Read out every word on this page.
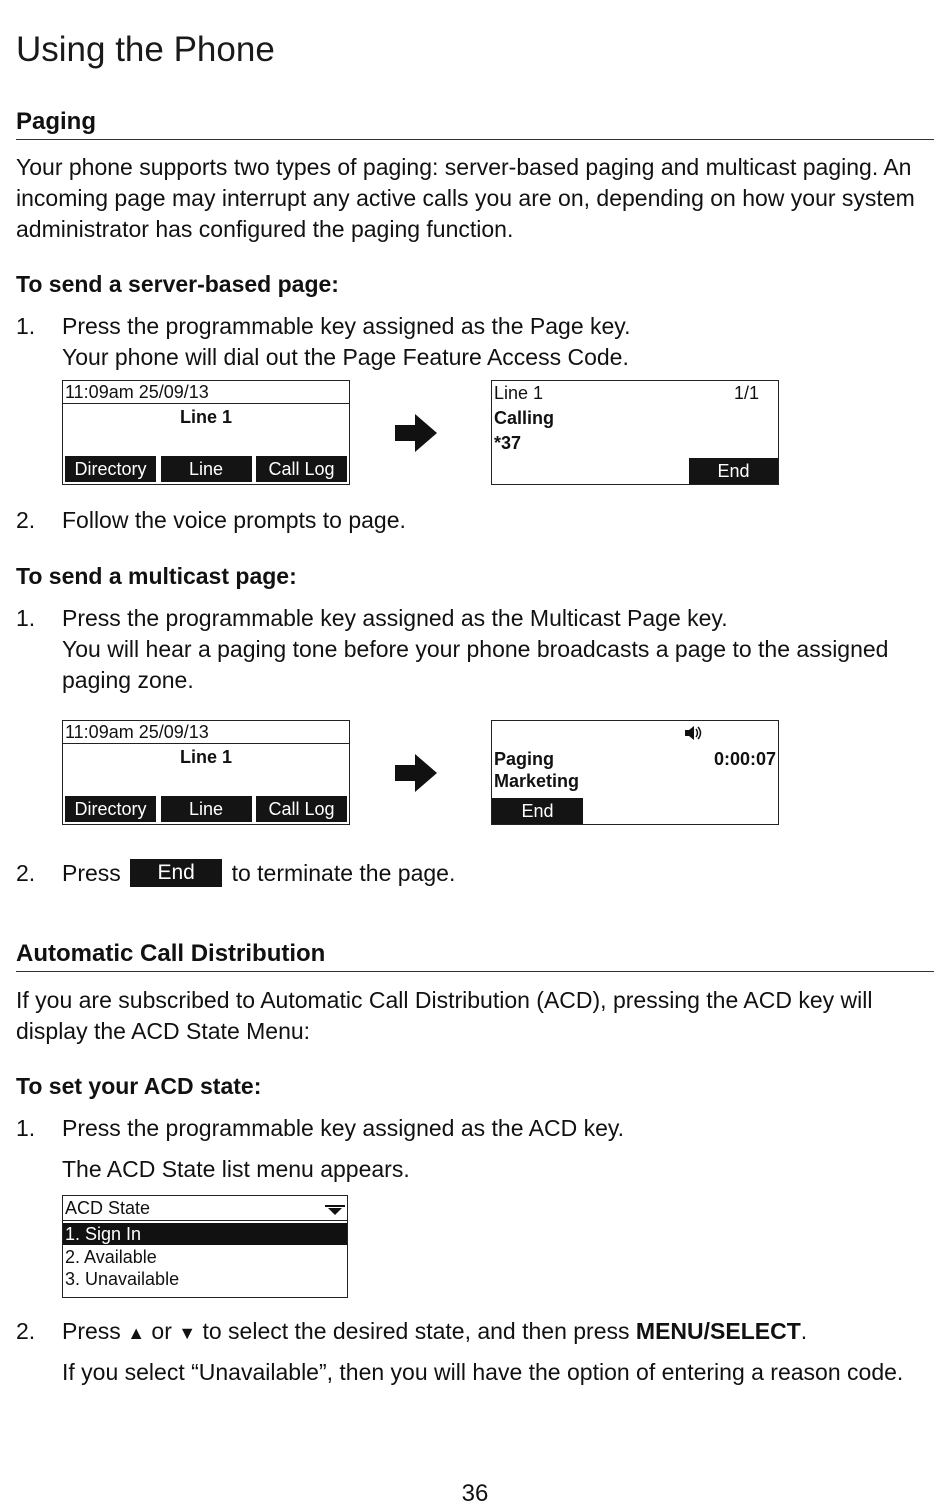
Using the Phone
Paging
Your phone supports two types of paging: server-based paging and multicast paging. An incoming page may interrupt any active calls you are on, depending on how your system administrator has configured the paging function.
To send a server-based page:
1. Press the programmable key assigned as the Page key.
Your phone will dial out the Page Feature Access Code.
11:09am 25/09/13
Line 1
Directory	Line	Call Log
Line 1	1/1
Calling
*37
End
2. Follow the voice prompts to page.
To send a multicast page:
1. Press the programmable key assigned as the Multicast Page key.
You will hear a paging tone before your phone broadcasts a page to the assigned paging zone.
11:09am 25/09/13
Line 1
Directory	Line	Call Log
Paging	0:00:07
Marketing
End
2. Press End to terminate the page.
Automatic Call Distribution
If you are subscribed to Automatic Call Distribution (ACD), pressing the ACD key will display the ACD State Menu:
To set your ACD state:
1. Press the programmable key assigned as the ACD key.
The ACD State list menu appears.
ACD State
1. Sign In
2. Available
3. Unavailable
2. Press ▲ or ▼ to select the desired state, and then press MENU/SELECT.
If you select “Unavailable”, then you will have the option of entering a reason code.
36
